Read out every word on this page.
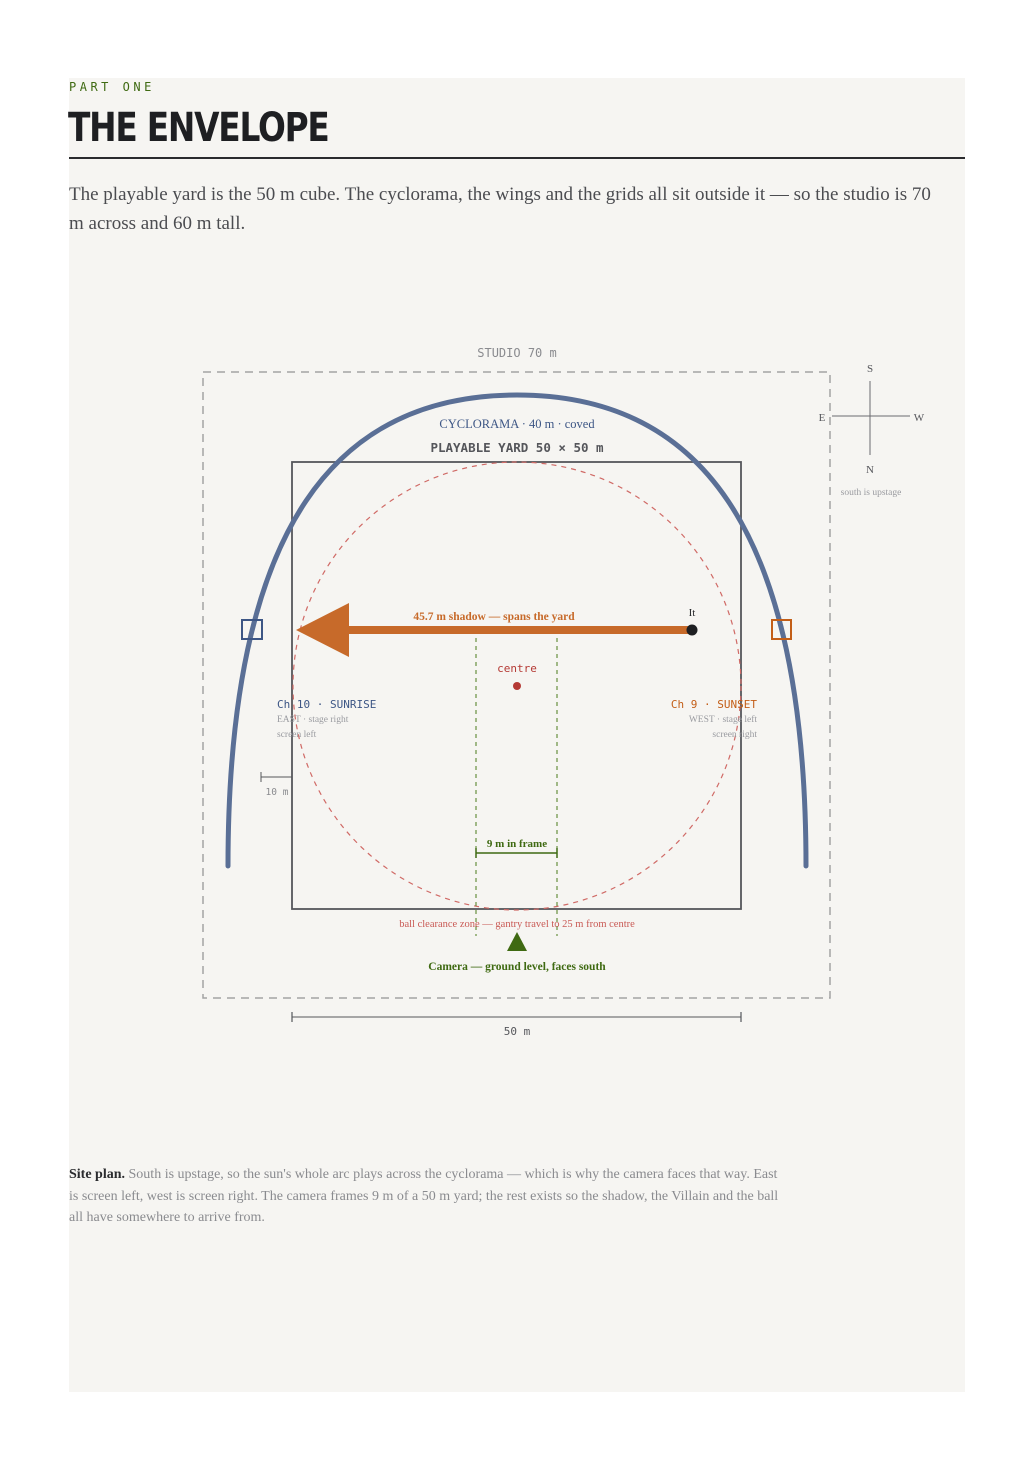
PART ONE
THE ENVELOPE
The playable yard is the 50 m cube. The cyclorama, the wings and the grids all sit outside it — so the studio is 70 m across and 60 m tall.
STUDIO 70 m
PLAYABLE YARD 50 × 50 m
CYCLORAMA · 40 m · coved
9 m in frame
45.7 m shadow — spans the yard	It
centre
Ch 10 · SUNRISE
EAST · stage right
screen left
Ch 9 · SUNSET
WEST · stage left
screen right
10 m
ball clearance zone — gantry travel to 25 m from centre
Camera — ground level, faces south
50 m
S
E	W
N
south is upstage
Site plan. South is upstage, so the sun's whole arc plays across the cyclorama — which is why the camera faces that way. East is screen left, west is screen right. The camera frames 9 m of a 50 m yard; the rest exists so the shadow, the Villain and the ball all have somewhere to arrive from.
